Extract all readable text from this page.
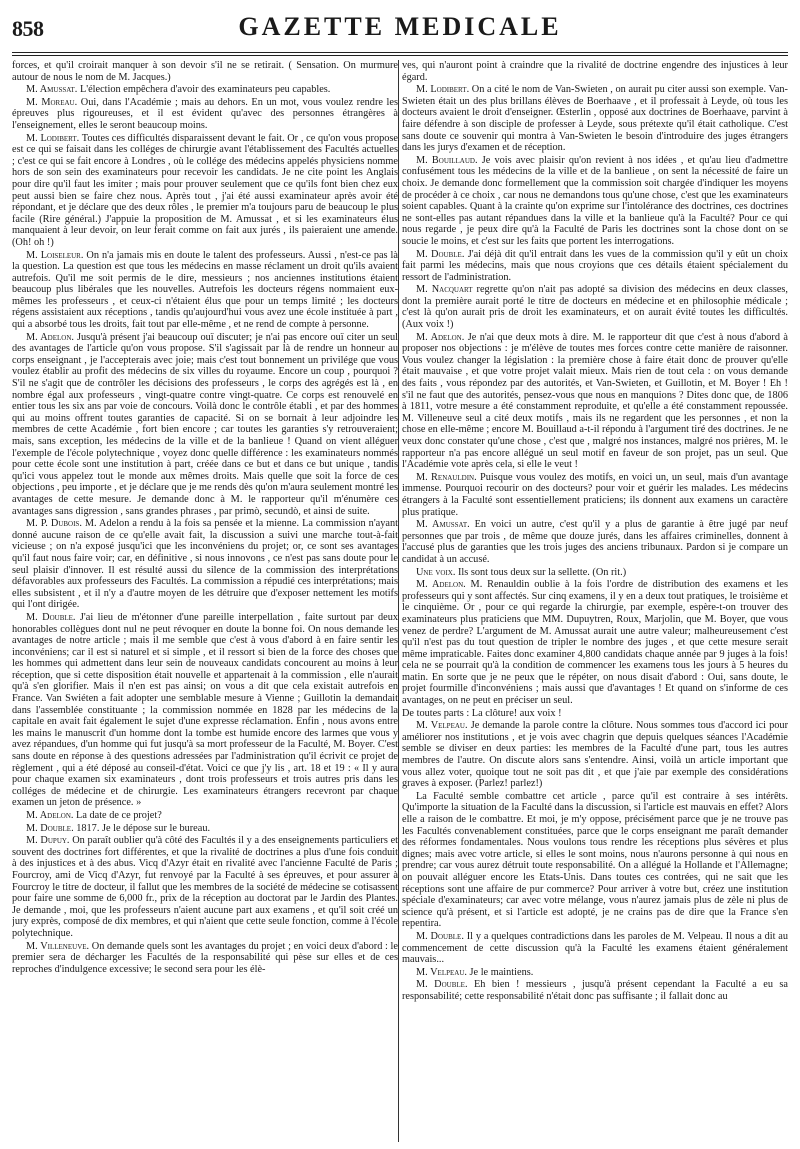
858	GAZETTE MEDICALE

forces, et qu'il croirait manquer à son devoir s'il ne se retirait. ( Sensation. On murmure autour de nous le nom de M. Jacques.)

M. Amussat. L'élection empêchera d'avoir des examinateurs peu capables.

M. Moreau. Oui, dans l'Académie ; mais au dehors. En un mot, vous voulez rendre les épreuves plus rigoureuses, et il est évident qu'avec des personnes étrangères à l'enseignement, elles le seront beaucoup moins.

M. Lodibert. Toutes ces difficultés disparaissent devant le fait. Or , ce qu'on vous propose est ce qui se faisait dans les colléges de chirurgie avant l'établissement des Facultés actuelles ; c'est ce qui se fait encore à Londres , où le collége des médecins appelés physiciens nomme hors de son sein des examinateurs pour recevoir les candidats. Je ne cite point les Anglais pour dire qu'il faut les imiter ; mais pour prouver seulement que ce qu'ils font bien chez eux peut aussi bien se faire chez nous. Après tout , j'ai été aussi examinateur après avoir été répondant, et je déclare que des deux rôles , le premier m'a toujours paru de beaucoup le plus facile (Rire général.) J'appuie la proposition de M. Amussat , et si les examinateurs élus manquaient à leur devoir, on leur ferait comme on fait aux jurés , ils paieraient une amende. (Oh! oh !)

M. Loiseleur. On n'a jamais mis en doute le talent des professeurs. Aussi , n'est-ce pas là la question. La question est que tous les médecins en masse réclament un droit qu'ils avaient autrefois. Qu'il me soit permis de le dire, messieurs ; nos anciennes institutions étaient beaucoup plus libérales que les nouvelles. Autrefois les docteurs régens nommaient eux-mêmes les professeurs , et ceux-ci n'étaient élus que pour un temps limité ; les docteurs régens assistaient aux réceptions , tandis qu'aujourd'hui vous avez une école instituée à part , qui a absorbé tous les droits, fait tout par elle-même , et ne rend de compte à personne.

M. Adelon. Jusqu'à présent j'ai beaucoup ouï discuter; je n'ai pas encore ouï citer un seul des avantages de l'article qu'on vous propose. S'il s'agissait par là de rendre un honneur au corps enseignant , je l'accepterais avec joie; mais c'est tout bonnement un privilége que vous voulez établir au profit des médecins de six villes du royaume. Encore un coup , pourquoi ? S'il ne s'agit que de contrôler les décisions des professeurs , le corps des agrégés est là , en nombre égal aux professeurs , vingt-quatre contre vingt-quatre. Ce corps est renouvelé en entier tous les six ans par voie de concours. Voilà donc le contrôle établi , et par des hommes qui au moins offrent toutes garanties de capacité. Si on se bornait à leur adjoindre les membres de cette Académie , fort bien encore ; car toutes les garanties s'y retrouveraient; mais, sans exception, les médecins de la ville et de la banlieue ! Quand on vient alléguer l'exemple de l'école polytechnique , voyez donc quelle différence : les examinateurs nommés pour cette école sont une institution à part, créée dans ce but et dans ce but unique , tandis qu'ici vous appelez tout le monde aux mêmes droits. Mais quelle que soit la force de ces objections , peu importe , et je déclare que je me rends dès qu'on m'aura seulement montré les avantages de cette mesure. Je demande donc à M. le rapporteur qu'il m'énumère ces avantages sans digression , sans grandes phrases , par primò, secundò, et ainsi de suite.

M. P. Dubois. M. Adelon a rendu à la fois sa pensée et la mienne. La commission n'ayant donné aucune raison de ce qu'elle avait fait, la discussion a suivi une marche tout-à-fait vicieuse ; on n'a exposé jusqu'ici que les inconvéniens du projet; or, ce sont ses avantages qu'il faut nous faire voir; car, en définitive , si nous innovons , ce n'est pas sans doute pour le seul plaisir d'innover. Il est résulté aussi du silence de la commission des interprétations défavorables aux professeurs des Facultés. La commission a répudié ces interprétations; mais elles subsistent , et il n'y a d'autre moyen de les détruire que d'exposer nettement les motifs qui l'ont dirigée.

M. Double. J'ai lieu de m'étonner d'une pareille interpellation , faite surtout par deux honorables collègues dont nul ne peut révoquer en doute la bonne foi. On nous demande les avantages de notre article ; mais il me semble que c'est à vous d'abord à en faire sentir les inconvéniens; car il est si naturel et si simple , et il ressort si bien de la force des choses que les hommes qui admettent dans leur sein de nouveaux candidats concourent au moins à leur réception, que si cette disposition était nouvelle et appartenait à la commission , elle n'aurait qu'à s'en glorifier. Mais il n'en est pas ainsi; on vous a dit que cela existait autrefois en France. Van Swiéten a fait adopter une semblable mesure à Vienne ; Guillotin la demandait dans l'assemblée constituante ; la commission nommée en 1828 par les médecins de la capitale en avait fait également le sujet d'une expresse réclamation. Enfin , nous avons entre les mains le manuscrit d'un homme dont la tombe est humide encore des larmes que vous y avez répandues, d'un homme qui fut jusqu'à sa mort professeur de la Faculté, M. Boyer. C'est sans doute en réponse à des questions adressées par l'administration qu'il écrivit ce projet de règlement , qui a été déposé au conseil-d'état. Voici ce que j'y lis , art. 18 et 19 : « Il y aura pour chaque examen six examinateurs , dont trois professeurs et trois autres pris dans les colléges de médecine et de chirurgie. Les examinateurs étrangers recevront par chaque examen un jeton de présence. »

M. Adelon. La date de ce projet?

M. Double. 1817. Je le dépose sur le bureau.

M. Dupuy. On paraît oublier qu'à côté des Facultés il y a des enseignements particuliers et souvent des doctrines fort différentes, et que la rivalité de doctrines a plus d'une fois conduit à des injustices et à des abus. Vicq d'Azyr était en rivalité avec l'ancienne Faculté de Paris ; Fourcroy, ami de Vicq d'Azyr, fut renvoyé par la Faculté à ses épreuves, et pour assurer à Fourcroy le titre de docteur, il fallut que les membres de la société de médecine se cotisassent pour faire une somme de 6,000 fr., prix de la réception au doctorat par le Jardin des Plantes. Je demande , moi, que les professeurs n'aient aucune part aux examens , et qu'il soit créé un jury exprès, composé de dix membres, et qui n'aient que cette seule fonction, comme à l'école polytechnique.

M. Villeneuve. On demande quels sont les avantages du projet ; en voici deux d'abord : le premier sera de décharger les Facultés de la responsabilité qui pèse sur elles et de ces reproches d'indulgence excessive; le second sera pour les élè-

ves, qui n'auront point à craindre que la rivalité de doctrine engendre des injustices à leur égard.

M. Lodibert. On a cité le nom de Van-Swieten , on aurait pu citer aussi son exemple. Van-Swieten était un des plus brillans élèves de Boerhaave , et il professait à Leyde, où tous les docteurs avaient le droit d'enseigner. Œsterlin , opposé aux doctrines de Boerhaave, parvint à faire défendre à son disciple de professer à Leyde, sous prétexte qu'il était catholique. C'est sans doute ce souvenir qui montra à Van-Swieten le besoin d'introduire des juges étrangers dans les jurys d'examen et de réception.

M. Bouillaud. Je vois avec plaisir qu'on revient à nos idées , et qu'au lieu d'admettre confusément tous les médecins de la ville et de la banlieue , on sent la nécessité de faire un choix. Je demande donc formellement que la commission soit chargée d'indiquer les moyens de procéder à ce choix , car nous ne demandons tous qu'une chose, c'est que les examinateurs soient capables. Quant à la crainte qu'on exprime sur l'intolérance des doctrines, ces doctrines ne sont-elles pas autant répandues dans la ville et la banlieue qu'à la Faculté? Pour ce qui nous regarde , je peux dire qu'à la Faculté de Paris les doctrines sont la chose dont on se soucie le moins, et c'est sur les faits que portent les interrogations.

M. Double. J'ai déjà dit qu'il entrait dans les vues de la commission qu'il y eût un choix fait parmi les médecins, mais que nous croyions que ces détails étaient spécialement du ressort de l'administration.

M. Nacquart regrette qu'on n'ait pas adopté sa division des médecins en deux classes, dont la première aurait porté le titre de docteurs en médecine et en philosophie médicale ; c'est là qu'on aurait pris de droit les examinateurs, et on aurait évité toutes les difficultés. (Aux voix !)

M. Adelon. Je n'ai que deux mots à dire. M. le rapporteur dit que c'est à nous d'abord à proposer nos objections : je m'élève de toutes mes forces contre cette manière de raisonner. Vous voulez changer la législation : la première chose à faire était donc de prouver qu'elle était mauvaise , et que votre projet valait mieux. Mais rien de tout cela : on vous demande des faits , vous répondez par des autorités, et Van-Swieten, et Guillotin, et M. Boyer ! Eh ! s'il ne faut que des autorités, pensez-vous que nous en manquions ? Dites donc que, de 1806 à 1811, votre mesure a été constamment reproduite, et qu'elle a été constamment repoussée. M. Villeneuve seul a cité deux motifs , mais ils ne regardent que les personnes , et non la chose en elle-même ; encore M. Bouillaud a-t-il répondu à l'argument tiré des doctrines. Je ne veux donc constater qu'une chose , c'est que , malgré nos instances, malgré nos prières, M. le rapporteur n'a pas encore allégué un seul motif en faveur de son projet, pas un seul. Que l'Académie vote après cela, si elle le veut !

M. Renauldin. Puisque vous voulez des motifs, en voici un, un seul, mais d'un avantage immense. Pourquoi recourir on des docteurs? pour voir et guérir les malades. Les médecins étrangers à la Faculté sont essentiellement praticiens; ils donnent aux examens un caractère plus pratique.

M. Amussat. En voici un autre, c'est qu'il y a plus de garantie à être jugé par neuf personnes que par trois , de même que douze jurés, dans les affaires criminelles, donnent à l'accusé plus de garanties que les trois juges des anciens tribunaux. Pardon si je compare un candidat à un accusé.

Une voix. Ils sont tous deux sur la sellette. (On rit.)

M. Adelon. M. Renauldin oublie à la fois l'ordre de distribution des examens et les professeurs qui y sont affectés. Sur cinq examens, il y en a deux tout pratiques, le troisième et le cinquième. Or , pour ce qui regarde la chirurgie, par exemple, espère-t-on trouver des examinateurs plus praticiens que MM. Dupuytren, Roux, Marjolin, que M. Boyer, que vous venez de perdre? L'argument de M. Amussat aurait une autre valeur; malheureusement c'est qu'il n'est pas du tout question de tripler le nombre des juges , et que cette mesure serait même impraticable. Faites donc examiner 4,800 candidats chaque année par 9 juges à la fois! cela ne se pourrait qu'à la condition de commencer les examens tous les jours à 5 heures du matin. En sorte que je ne peux que le répéter, on nous disait d'abord : Oui, sans doute, le projet fourmille d'inconvéniens ; mais aussi que d'avantages ! Et quand on s'informe de ces avantages, on ne peut en préciser un seul.

De toutes parts : La clôture! aux voix !

M. Velpeau. Je demande la parole contre la clôture. Nous sommes tous d'accord ici pour améliorer nos institutions , et je vois avec chagrin que depuis quelques séances l'Académie semble se diviser en deux parties: les membres de la Faculté d'une part, tous les autres membres de l'autre. On discute alors sans s'entendre. Ainsi, voilà un article important que vous allez voter, quoique tout ne soit pas dit , et que j'aie par exemple des considérations graves à exposer. (Parlez! parlez!)

La Faculté semble combattre cet article , parce qu'il est contraire à ses intérêts. Qu'importe la situation de la Faculté dans la discussion, si l'article est mauvais en effet? Alors elle a raison de le combattre. Et moi, je m'y oppose, précisément parce que je ne trouve pas les Facultés convenablement constituées, parce que le corps enseignant me paraît demander des réformes fondamentales. Nous voulons tous rendre les réceptions plus sévères et plus dignes; mais avec votre article, si elles le sont moins, nous n'aurons personne à qui nous en prendre; car vous aurez détruit toute responsabilité. On a allégué la Hollande et l'Allemagne; on pouvait alléguer encore les Etats-Unis. Dans toutes ces contrées, qui ne sait que les réceptions sont une affaire de pur commerce? Pour arriver à votre but, créez une institution spéciale d'examinateurs; car avec votre mélange, vous n'aurez jamais plus de zèle ni plus de science qu'à présent, et si l'article est adopté, je ne crains pas de dire que la France s'en repentira.

M. Double. Il y a quelques contradictions dans les paroles de M. Velpeau. Il nous a dit au commencement de cette discussion qu'à la Faculté les examens étaient généralement mauvais...

M. Velpeau. Je le maintiens.

M. Double. Eh bien ! messieurs , jusqu'à présent cependant la Faculté a eu sa responsabilité; cette responsabilité n'était donc pas suffisante ; il fallait donc au
